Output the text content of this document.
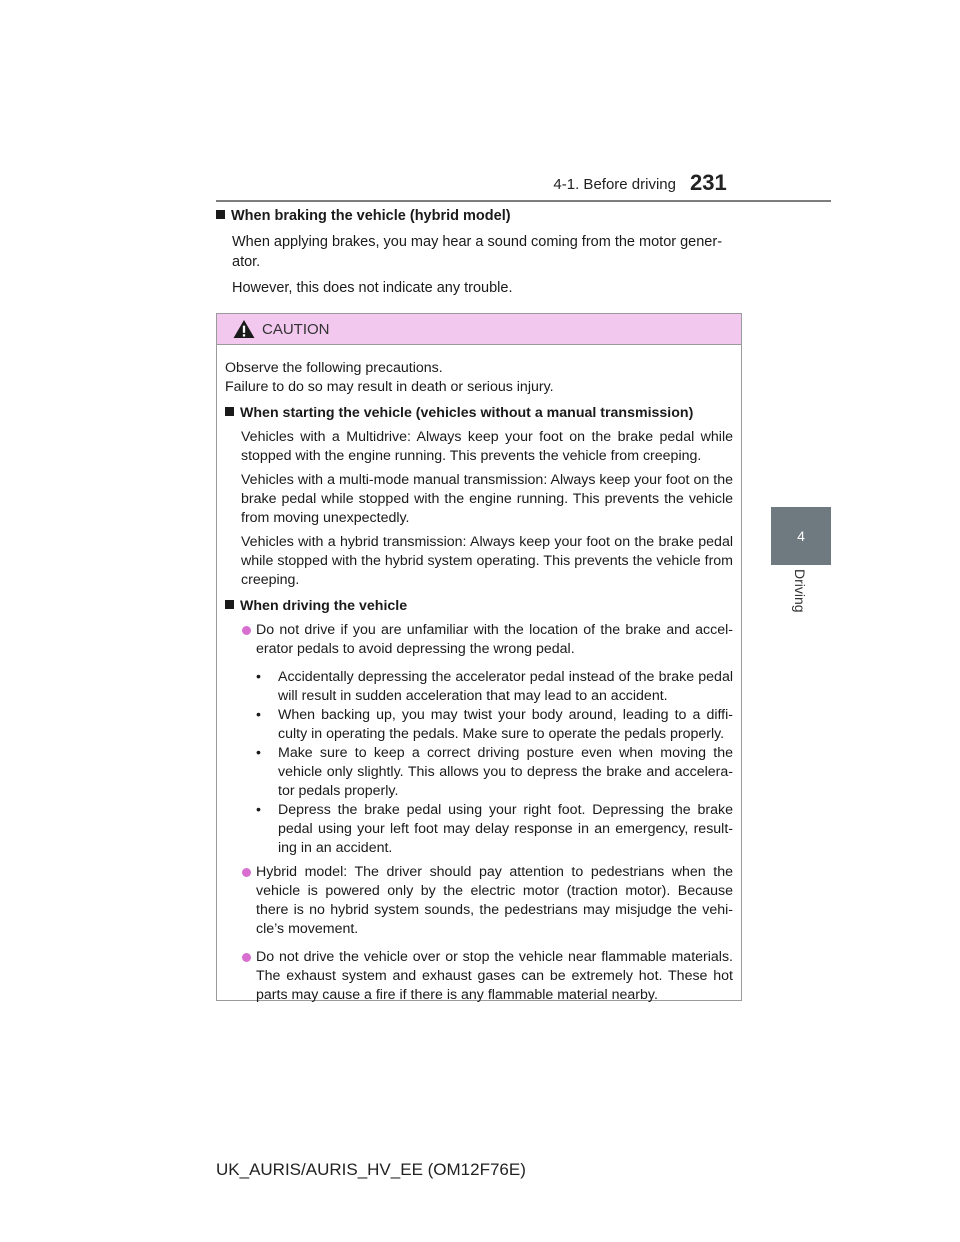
4-1. Before driving 231
4
Driving
When braking the vehicle (hybrid model)

When applying brakes, you may hear a sound coming from the motor gener-ator.

However, this does not indicate any trouble.

CAUTION
Observe the following precautions.
Failure to do so may result in death or serious injury.
When starting the vehicle (vehicles without a manual transmission)
Vehicles with a Multidrive: Always keep your foot on the brake pedal while stopped with the engine running. This prevents the vehicle from creeping.
Vehicles with a multi-mode manual transmission: Always keep your foot on the brake pedal while stopped with the engine running. This prevents the vehicle from moving unexpectedly.
Vehicles with a hybrid transmission: Always keep your foot on the brake pedal while stopped with the hybrid system operating. This prevents the vehicle from creeping.
When driving the vehicle
Do not drive if you are unfamiliar with the location of the brake and accel-erator pedals to avoid depressing the wrong pedal.
• Accidentally depressing the accelerator pedal instead of the brake pedal will result in sudden acceleration that may lead to an accident.
• When backing up, you may twist your body around, leading to a diffi-culty in operating the pedals. Make sure to operate the pedals properly.
• Make sure to keep a correct driving posture even when moving the vehicle only slightly. This allows you to depress the brake and accelera-tor pedals properly.
• Depress the brake pedal using your right foot. Depressing the brake pedal using your left foot may delay response in an emergency, result-ing in an accident.
Hybrid model: The driver should pay attention to pedestrians when the vehicle is powered only by the electric motor (traction motor). Because there is no hybrid system sounds, the pedestrians may misjudge the vehi-cle’s movement.
Do not drive the vehicle over or stop the vehicle near flammable materials. The exhaust system and exhaust gases can be extremely hot. These hot parts may cause a fire if there is any flammable material nearby.
UK_AURIS/AURIS_HV_EE (OM12F76E)
